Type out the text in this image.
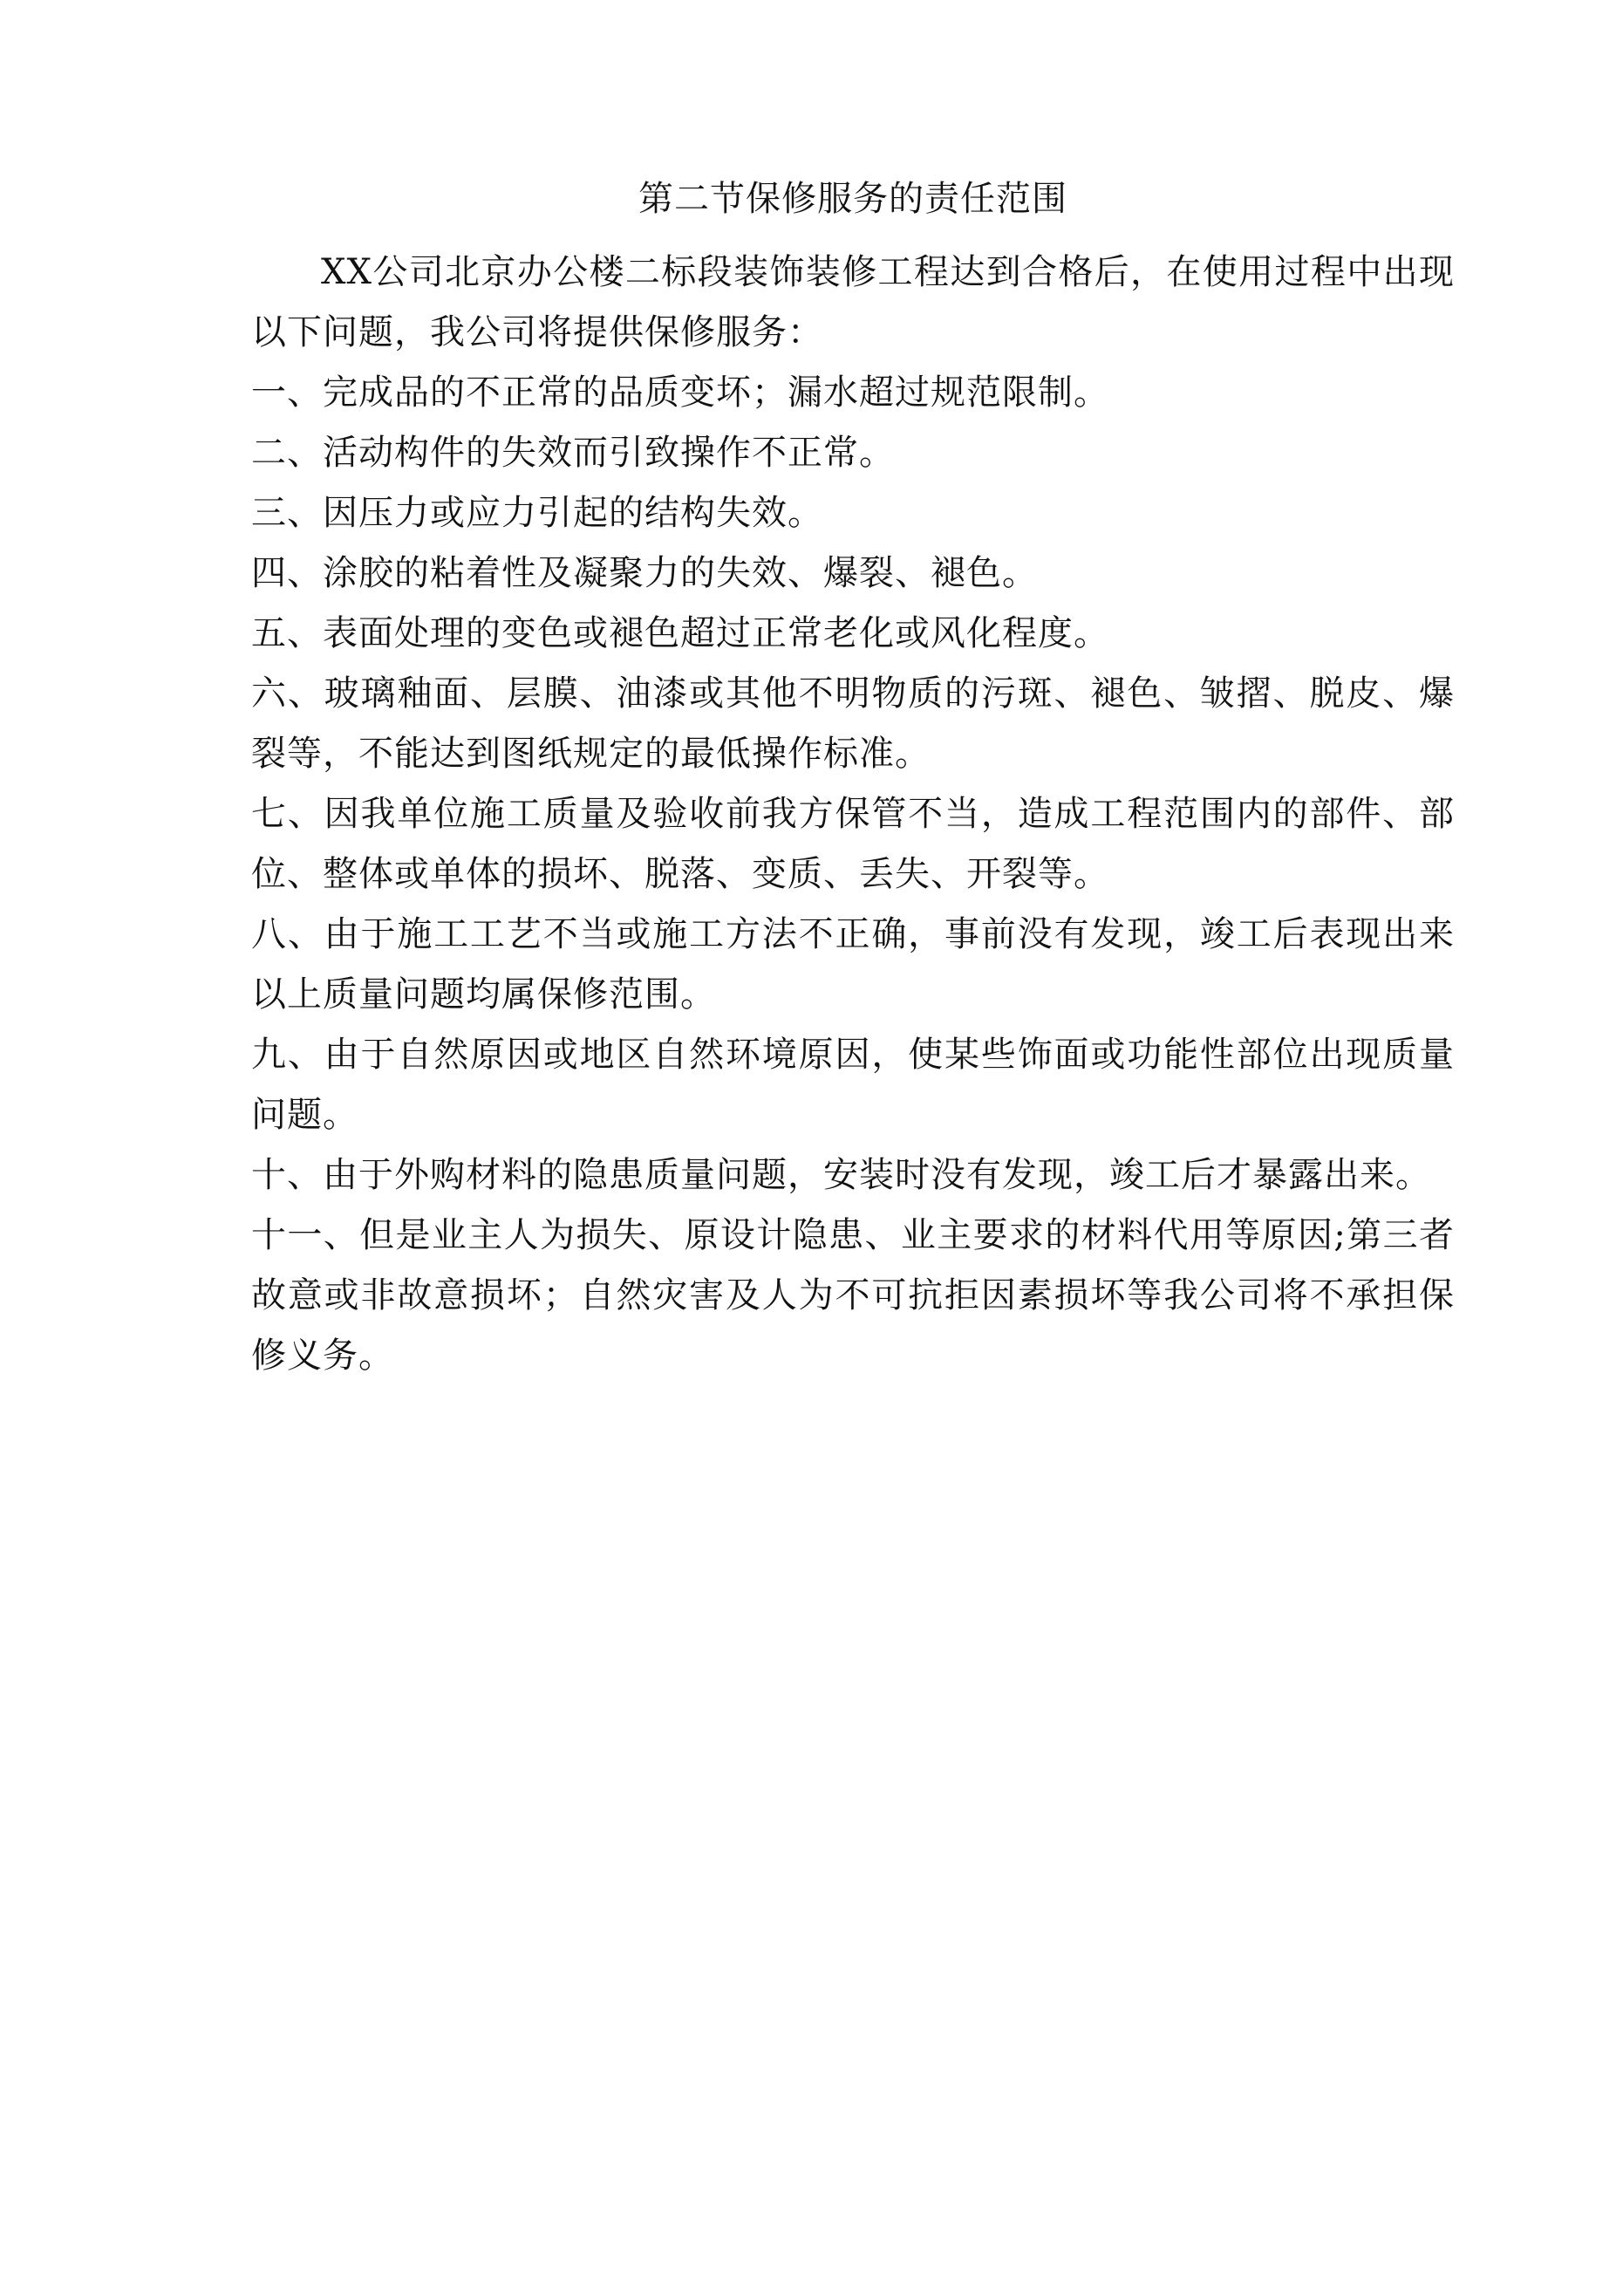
第二节保修服务的责任范围

XX公司北京办公楼二标段装饰装修工程达到合格后，在使用过程中出现以下问题，我公司将提供保修服务：

一、完成品的不正常的品质变坏；漏水超过规范限制。

二、活动构件的失效而引致操作不正常。

三、因压力或应力引起的结构失效。

四、涂胶的粘着性及凝聚力的失效、爆裂、褪色。

五、表面处理的变色或褪色超过正常老化或风化程度。

六、玻璃釉面、层膜、油漆或其他不明物质的污斑、褪色、皱摺、脱皮、爆裂等，不能达到图纸规定的最低操作标准。

七、因我单位施工质量及验收前我方保管不当，造成工程范围内的部件、部位、整体或单体的损坏、脱落、变质、丢失、开裂等。

八、由于施工工艺不当或施工方法不正确，事前没有发现，竣工后表现出来以上质量问题均属保修范围。

九、由于自然原因或地区自然环境原因，使某些饰面或功能性部位出现质量问题。

十、由于外购材料的隐患质量问题，安装时没有发现，竣工后才暴露出来。

十一、但是业主人为损失、原设计隐患、业主要求的材料代用等原因;第三者故意或非故意损坏；自然灾害及人为不可抗拒因素损坏等我公司将不承担保修义务。
